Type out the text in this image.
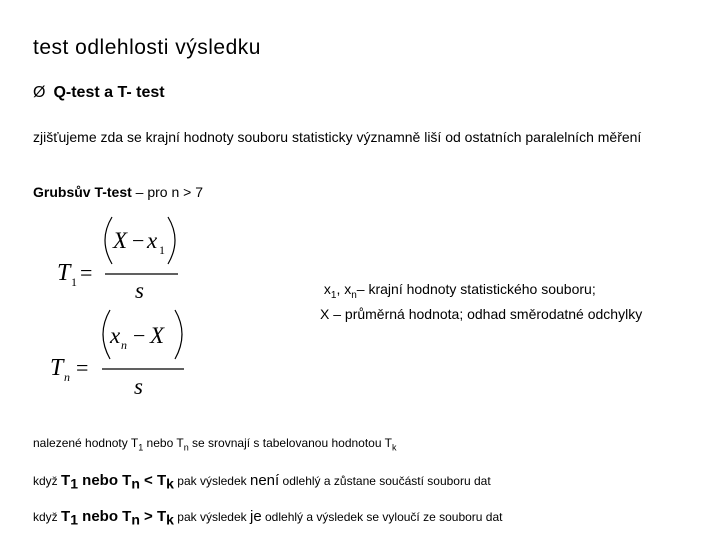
test odlehlosti výsledku
Ø Q-test a T- test
zjišťujeme zda se krajní hodnoty souboru statisticky významně liší od ostatních paralelních měření
Grubsův T-test – pro n > 7
T 1 =
X − x 1
s
T n =
x n − X
s
$x_1$, $x_n-$ krajní hodnoty statistického souboru;
X – průměrná hodnota; odhad směrodatné odchylky
nalezené hodnoty $T_1$ nebo $T_n$ se srovnají s tabelovanou hodnotou $T_k$
když $T_1$ nebo $T_n < T_k$ pak výsledek není odlehlý a zůstane součástí souboru dat
když $T_1$ nebo $T_n > T_k$ pak výsledek je odlehlý a výsledek se vyloučí ze souboru dat
